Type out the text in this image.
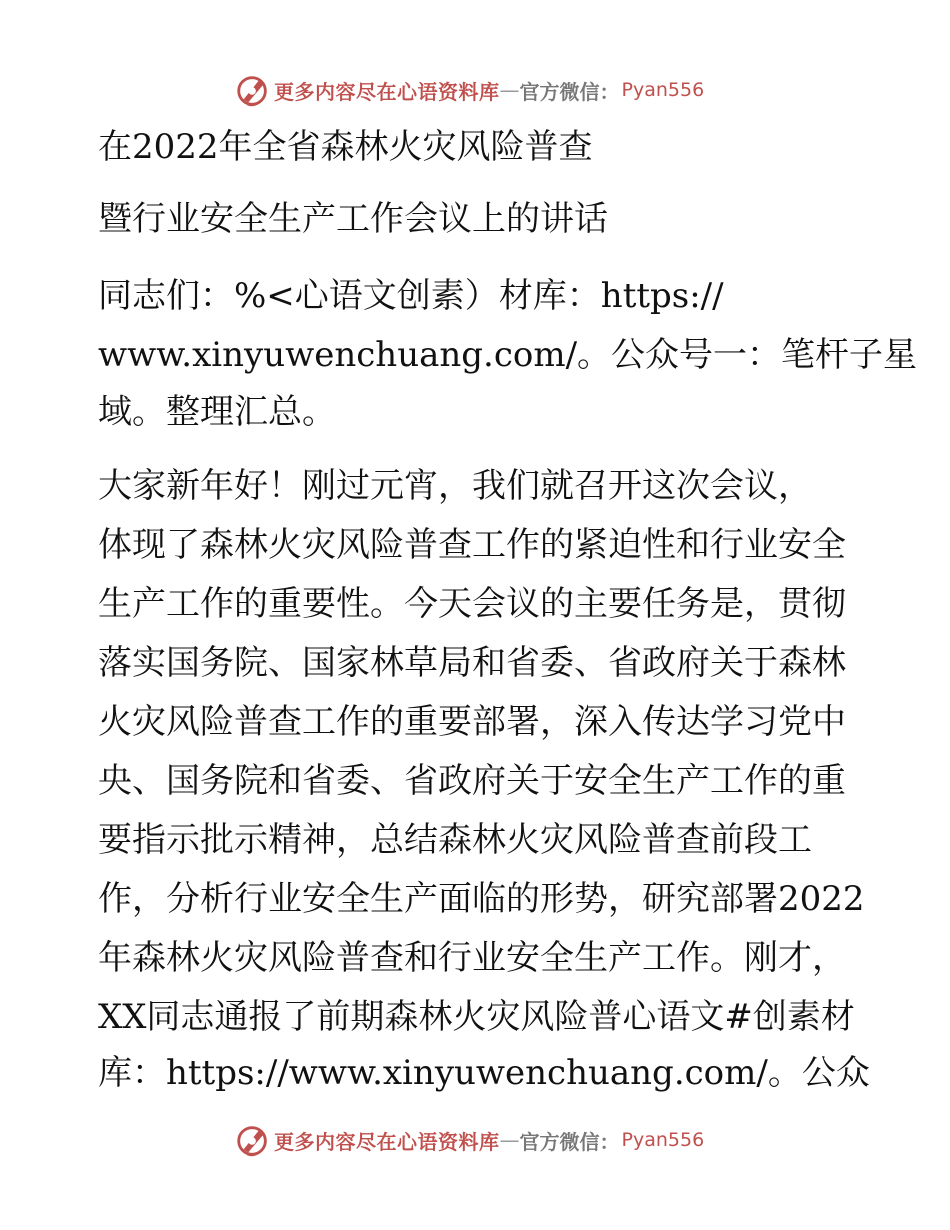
更多内容尽在心语资料库 — 官方微信： Pyan556
在2022年全省森林火灾风险普查
暨行业安全生产工作会议上的讲话
同志们：%<心语文创素）材库：https://
www.xinyuwenchuang.com/。公众号一：笔杆子星
域。整理汇总。
大家新年好！刚过元宵，我们就召开这次会议，
体现了森林火灾风险普查工作的紧迫性和行业安全
生产工作的重要性。今天会议的主要任务是，贯彻
落实国务院、国家林草局和省委、省政府关于森林
火灾风险普查工作的重要部署，深入传达学习党中
央、国务院和省委、省政府关于安全生产工作的重
要指示批示精神，总结森林火灾风险普查前段工
作，分析行业安全生产面临的形势，研究部署2022
年森林火灾风险普查和行业安全生产工作。刚才，
XX同志通报了前期森林火灾风险普心语文#创素材
库：https://www.xinyuwenchuang.com/。公众
更多内容尽在心语资料库 — 官方微信： Pyan556
